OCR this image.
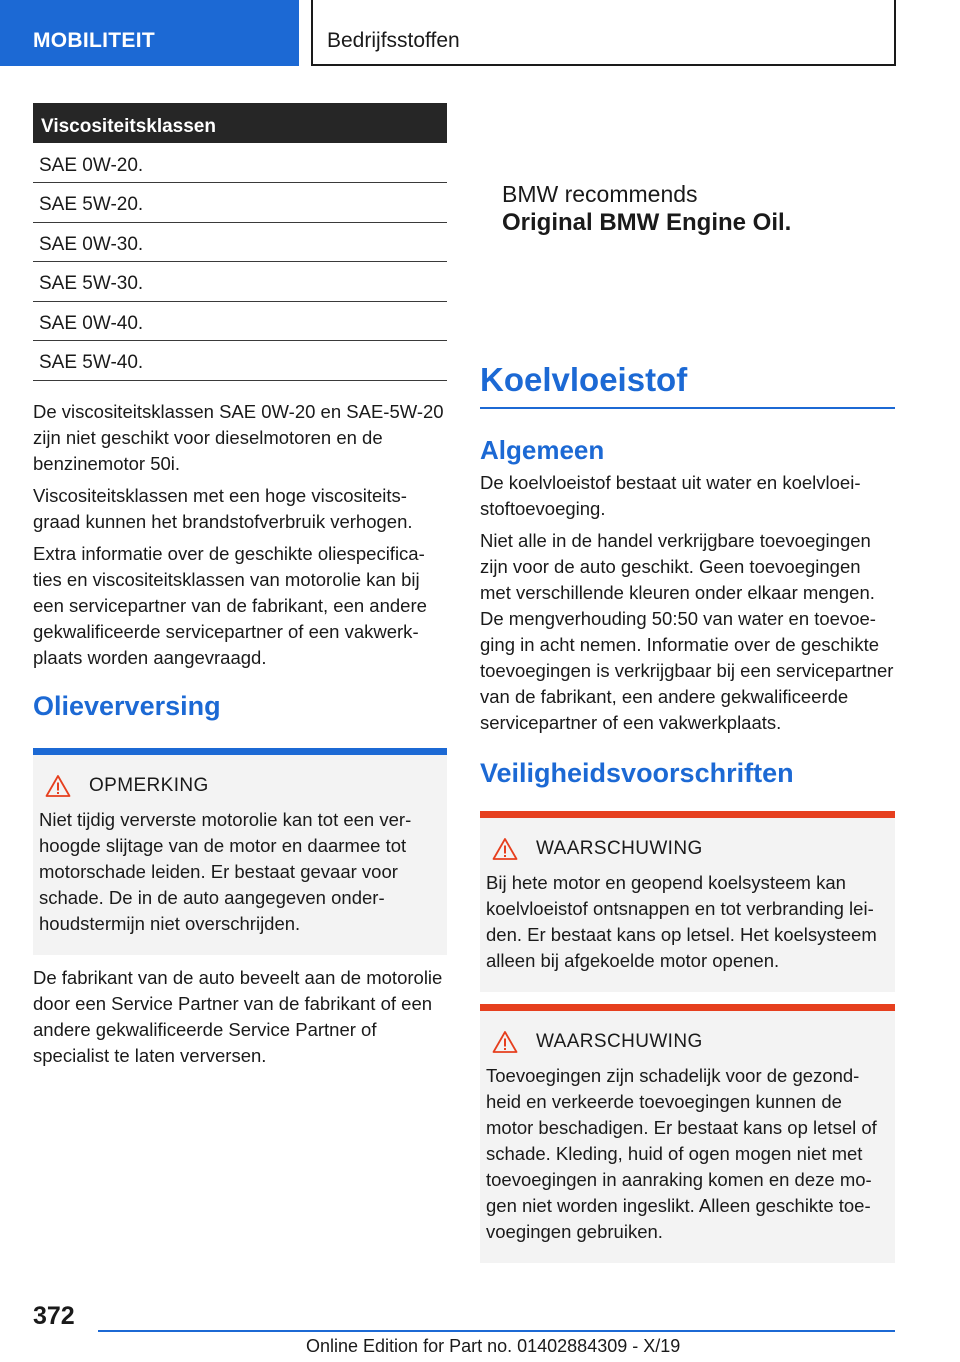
MOBILITEIT	Bedrijfsstoffen
Viscositeitsklassen
SAE 0W-20.
SAE 5W-20.
SAE 0W-30.
SAE 5W-30.
SAE 0W-40.
SAE 5W-40.

De viscositeitsklassen SAE 0W-20 en SAE-5W-20 zijn niet geschikt voor dieselmotoren en de benzinemotor 50i.

Viscositeitsklassen met een hoge viscositeitsgraad kunnen het brandstofverbruik verhogen.

Extra informatie over de geschikte oliespecificaties en viscositeitsklassen van motorolie kan bij een servicepartner van de fabrikant, een andere gekwalificeerde servicepartner of een vakwerkplaats worden aangevraagd.

Olieverversing
OPMERKING

Niet tijdig ververste motorolie kan tot een verhoogde slijtage van de motor en daarmee tot motorschade leiden. Er bestaat gevaar voor schade. De in de auto aangegeven onderhoudstermijn niet overschrijden.

De fabrikant van de auto beveelt aan de motorolie door een Service Partner van de fabrikant of een andere gekwalificeerde Service Partner of specialist te laten verversen.

BMW recommends
Original BMW Engine Oil.
Koelvloeistof
Algemeen

De koelvloeistof bestaat uit water en koelvloeistoftoevoeging.

Niet alle in de handel verkrijgbare toevoegingen zijn voor de auto geschikt. Geen toevoegingen met verschillende kleuren onder elkaar mengen. De mengverhouding 50:50 van water en toevoeging in acht nemen. Informatie over de geschikte toevoegingen is verkrijgbaar bij een servicepartner van de fabrikant, een andere gekwalificeerde servicepartner of een vakwerkplaats.

Veiligheidsvoorschriften
WAARSCHUWING

Bij hete motor en geopend koelsysteem kan koelvloeistof ontsnappen en tot verbranding leiden. Er bestaat kans op letsel. Het koelsysteem alleen bij afgekoelde motor openen.

WAARSCHUWING

Toevoegingen zijn schadelijk voor de gezondheid en verkeerde toevoegingen kunnen de motor beschadigen. Er bestaat kans op letsel of schade. Kleding, huid of ogen mogen niet met toevoegingen in aanraking komen en deze mogen niet worden ingeslikt. Alleen geschikte toevoegingen gebruiken.

372
Online Edition for Part no. 01402884309 - X/19
